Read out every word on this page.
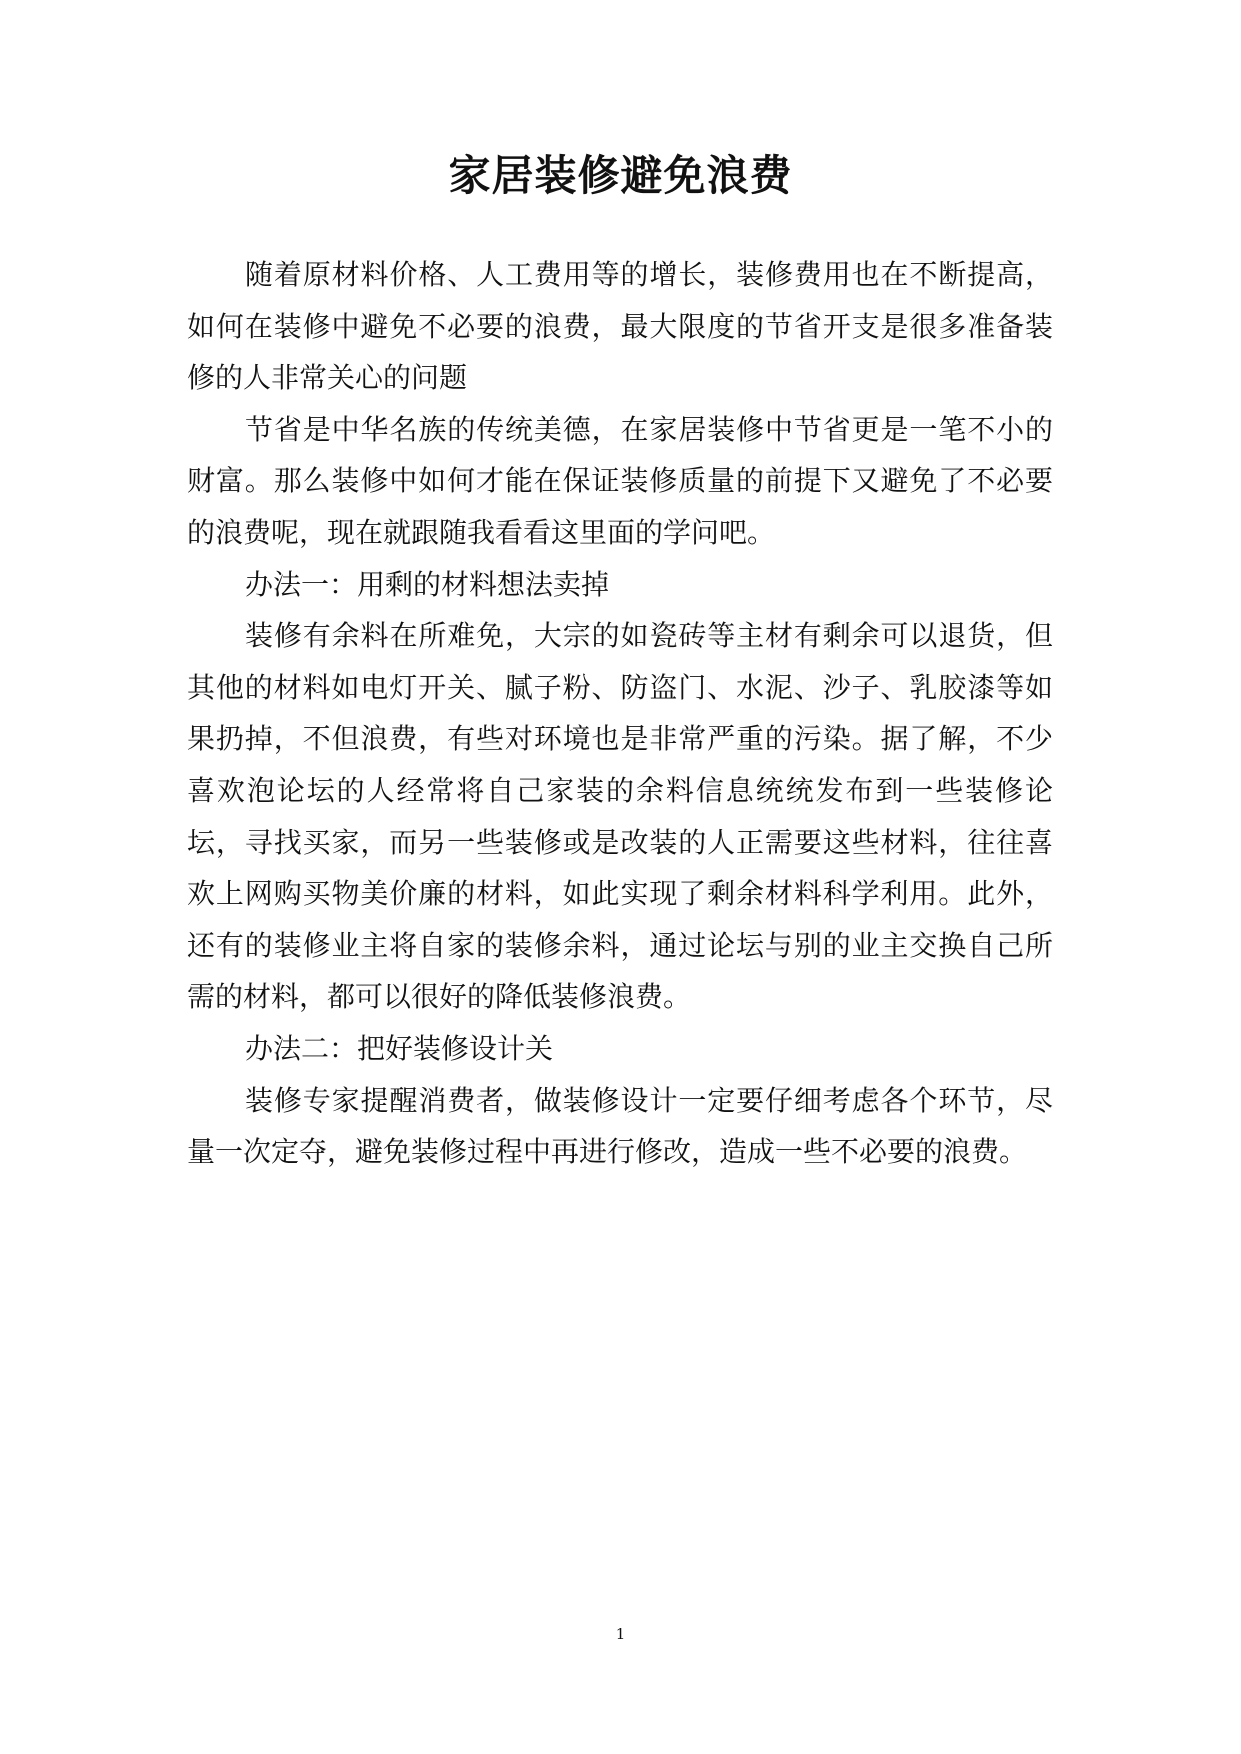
家居装修避免浪费

随着原材料价格、人工费用等的增长，装修费用也在不断提高，如何在装修中避免不必要的浪费，最大限度的节省开支是很多准备装修的人非常关心的问题

节省是中华名族的传统美德，在家居装修中节省更是一笔不小的财富。那么装修中如何才能在保证装修质量的前提下又避免了不必要的浪费呢，现在就跟随我看看这里面的学问吧。

办法一：用剩的材料想法卖掉

装修有余料在所难免，大宗的如瓷砖等主材有剩余可以退货，但其他的材料如电灯开关、腻子粉、防盗门、水泥、沙子、乳胶漆等如果扔掉，不但浪费，有些对环境也是非常严重的污染。据了解，不少喜欢泡论坛的人经常将自己家装的余料信息统统发布到一些装修论坛，寻找买家，而另一些装修或是改装的人正需要这些材料，往往喜欢上网购买物美价廉的材料，如此实现了剩余材料科学利用。此外，还有的装修业主将自家的装修余料，通过论坛与别的业主交换自己所需的材料，都可以很好的降低装修浪费。

办法二：把好装修设计关

装修专家提醒消费者，做装修设计一定要仔细考虑各个环节，尽量一次定夺，避免装修过程中再进行修改，造成一些不必要的浪费。

1
